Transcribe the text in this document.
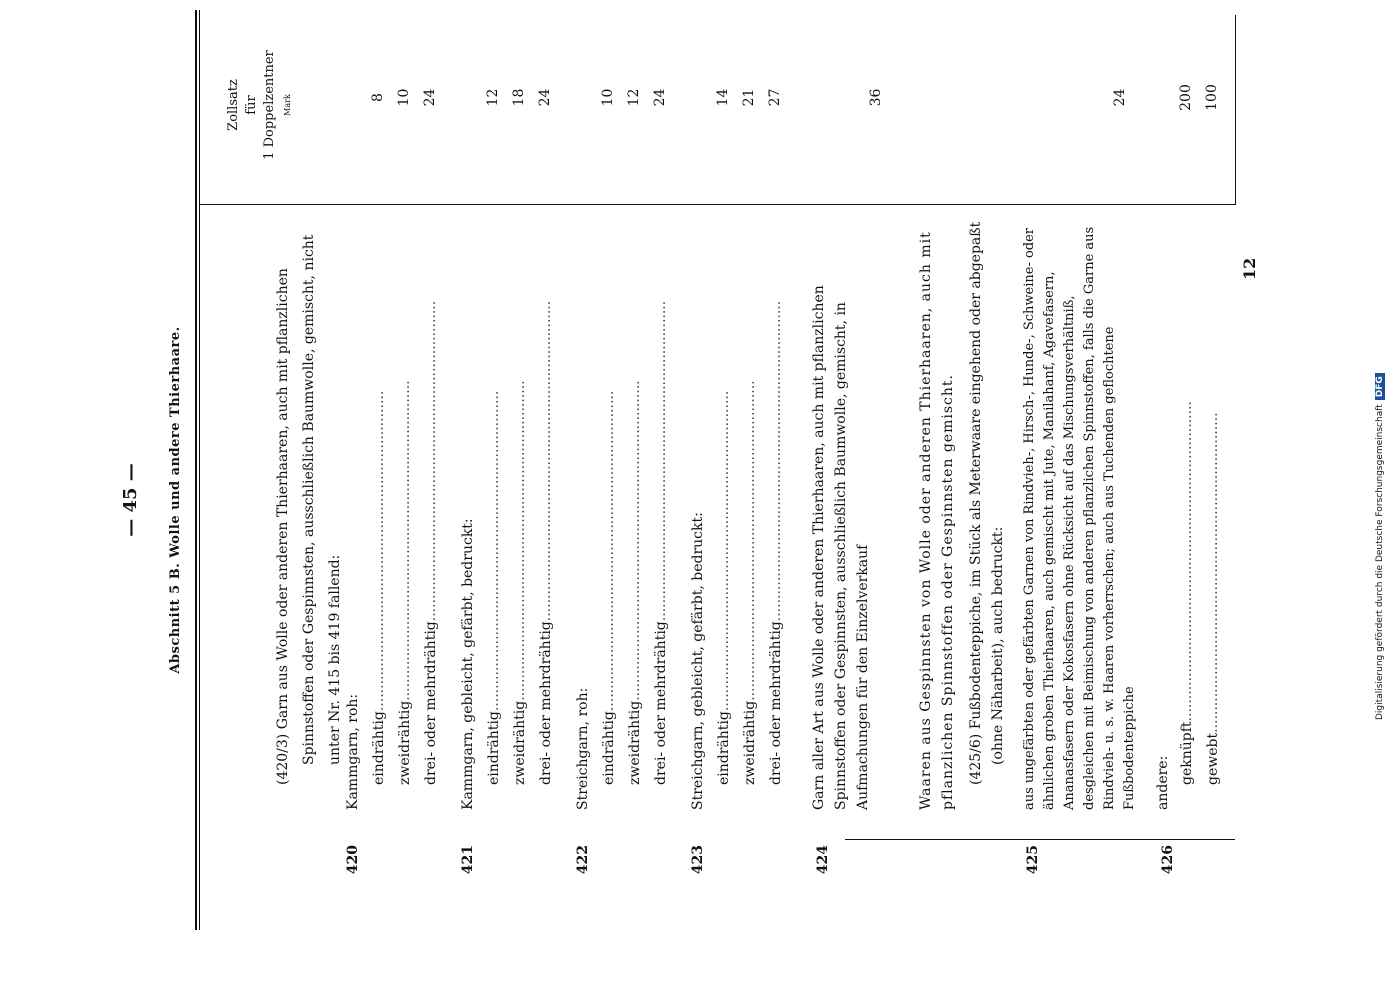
— 45 — Abschnitt 5 B. Wolle und andere Thierhaare.
Zollsatz für 1 Doppelzentner Mark
(420/3) Garn aus Wolle oder anderen Thierhaaren, auch mit pflanzlichen Spinnstoffen oder Gespinnsten, ausschließlich Baumwolle, gemischt, nicht unter Nr. 415 bis 419 fallend:
420
Kammgarn, roh: eindrähtig
........................................................................
8
zweidrähtig
........................................................................
10
drei- oder mehrdrähtig
........................................................................
24
421
Kammgarn, gebleicht, gefärbt, bedruckt: eindrähtig
........................................................................
12
zweidrähtig
........................................................................
18
drei- oder mehrdrähtig
........................................................................
24
422
Streichgarn, roh: eindrähtig
........................................................................
10
zweidrähtig
........................................................................
12
drei- oder mehrdrähtig
........................................................................
24
423
Streichgarn, gebleicht, gefärbt, bedruckt: eindrähtig
........................................................................
14
zweidrähtig
........................................................................
21
drei- oder mehrdrähtig
........................................................................
27
424
Garn aller Art aus Wolle oder anderen Thierhaaren, auch mit pflanzlichen Spinnstoffen oder Gespinnsten, ausschließlich Baumwolle, gemischt, in Aufmachungen für den Einzelverkauf
36
Waaren aus Gespinnsten von Wolle oder anderen Thierhaaren, auch mit pflanzlichen Spinnstoffen oder Gespinnsten gemischt. (425/6) Fußbodenteppiche, im Stück als Meterwaare eingehend oder abgepaßt (ohne Näharbeit), auch bedruckt:
425
aus ungefärbten oder gefärbten Garnen von Rindvieh-, Hirsch-, Hunde-, Schweine- oder ähnlichen groben Thierhaaren, auch gemischt mit Jute, Manilahanf, Agavefasern, Ananasfasern oder Kokosfasern ohne Rücksicht auf das Mischungsverhältniß, desgleichen mit Beimischung von anderen pflanzlichen Spinnstoffen, falls die Garne aus Rindvieh- u. s. w. Haaren vorherrschen; auch aus Tuchenden geflochtene Fußbodenteppiche
24
426
andere: geknüpft
........................................................................
200
gewebt
........................................................................
100
12
Digitalisierung gefördert durch die Deutsche ForschungsgemeinschaftDFG
